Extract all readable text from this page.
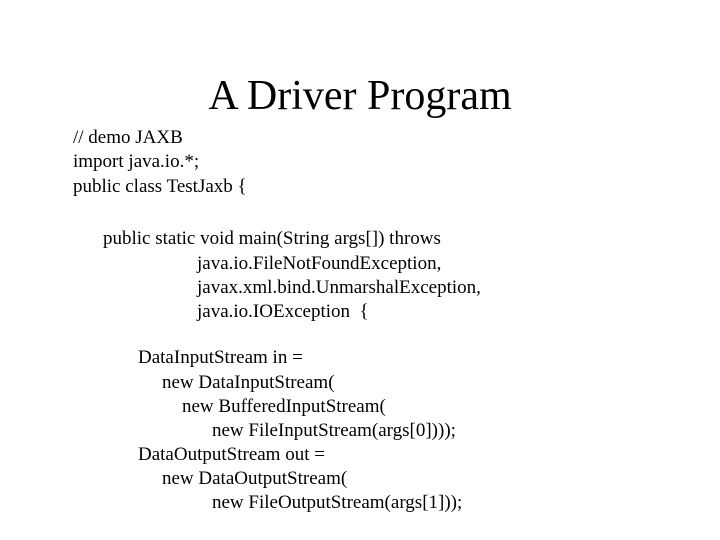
A Driver Program

// demo JAXB

import java.io.*;

public class TestJaxb {

public static void main(String args[]) throws

java.io.FileNotFoundException,

javax.xml.bind.UnmarshalException,

java.io.IOException  {

DataInputStream in =

new DataInputStream(

new BufferedInputStream(

new FileInputStream(args[0])));

DataOutputStream out =

new DataOutputStream(

new FileOutputStream(args[1]));
